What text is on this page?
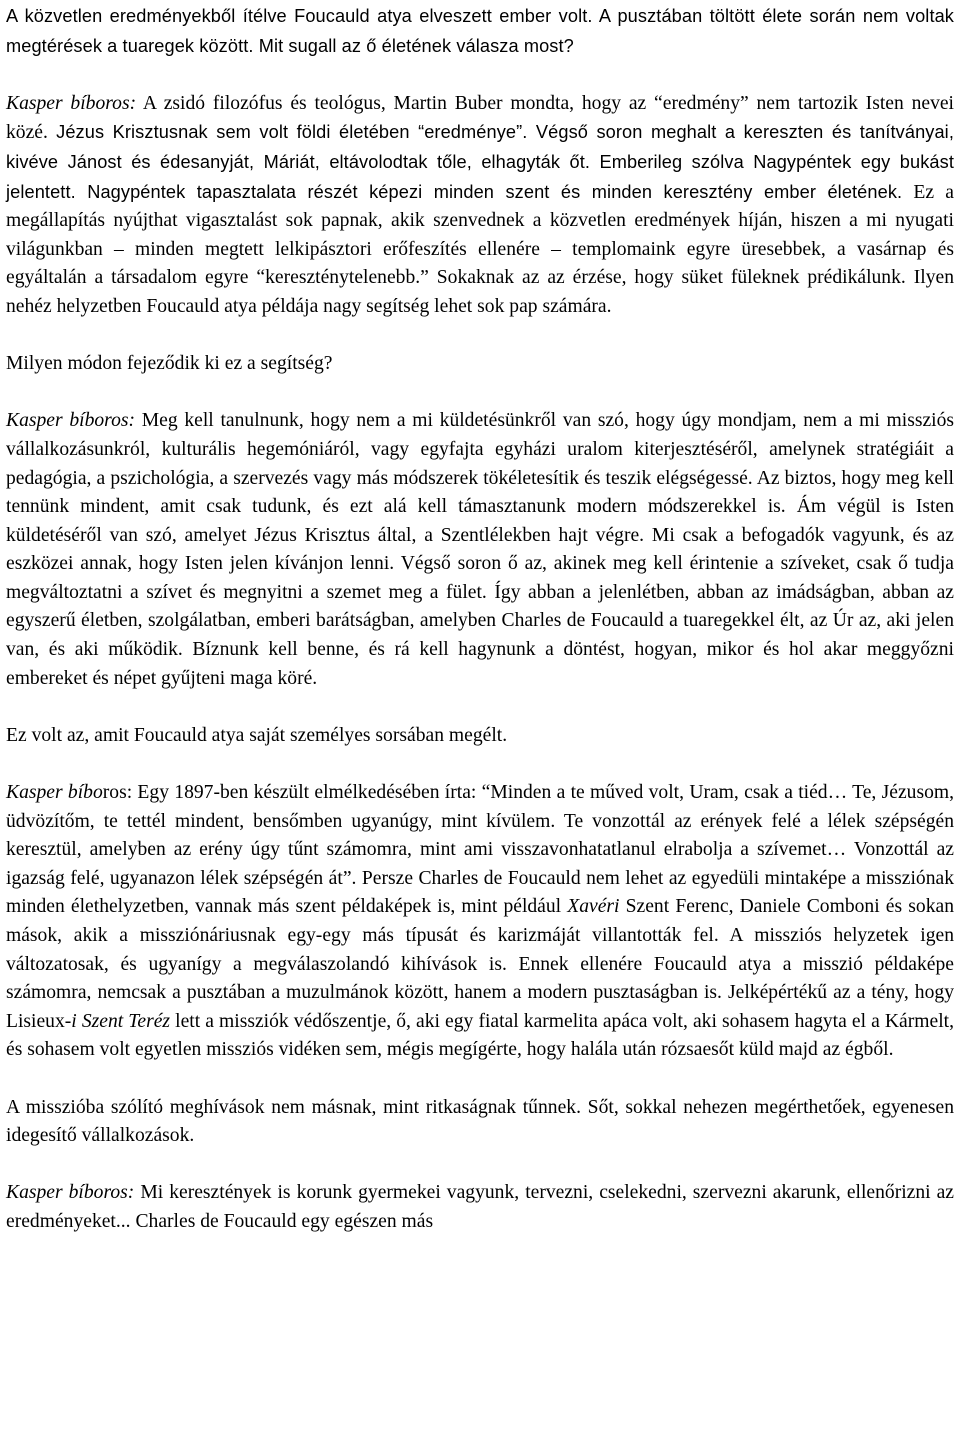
A közvetlen eredményekből ítélve Foucauld atya elveszett ember volt. A pusztában töltött élete során nem voltak megtérések a tuaregek között. Mit sugall az ő életének válasza most?

Kasper bíboros: A zsidó filozófus és teológus, Martin Buber mondta, hogy az “eredmény” nem tartozik Isten nevei közé. Jézus Krisztusnak sem volt földi életében “eredménye”. Végső soron meghalt a kereszten és tanítványai, kivéve Jánost és édesanyját, Máriát, eltávolodtak tőle, elhagyták őt. Emberileg szólva Nagypéntek egy bukást jelentett. Nagypéntek tapasztalata részét képezi minden szent és minden keresztény ember életének. Ez a megállapítás nyújthat vigasztalást sok papnak, akik szenvednek a közvetlen eredmények híján, hiszen a mi nyugati világunkban – minden megtett lelkipásztori erőfeszítés ellenére – templomaink egyre üresebbek, a vasárnap és egyáltalán a társadalom egyre “kereszténytelenebb.” Sokaknak az az érzése, hogy süket füleknek prédikálunk. Ilyen nehéz helyzetben Foucauld atya példája nagy segítség lehet sok pap számára.

Milyen módon fejeződik ki ez a segítség?

Kasper bíboros: Meg kell tanulnunk, hogy nem a mi küldetésünkről van szó, hogy úgy mondjam, nem a mi missziós vállalkozásunkról, kulturális hegemóniáról, vagy egyfajta egyházi uralom kiterjesztéséről, amelynek stratégiáit a pedagógia, a pszichológia, a szervezés vagy más módszerek tökéletesítik és teszik elégségessé. Az biztos, hogy meg kell tennünk mindent, amit csak tudunk, és ezt alá kell támasztanunk modern módszerekkel is. Ám végül is Isten küldetéséről van szó, amelyet Jézus Krisztus által, a Szentlélekben hajt végre. Mi csak a befogadók vagyunk, és az eszközei annak, hogy Isten jelen kívánjon lenni. Végső soron ő az, akinek meg kell érintenie a szíveket, csak ő tudja megváltoztatni a szívet és megnyitni a szemet meg a fület. Így abban a jelenlétben, abban az imádságban, abban az egyszerű életben, szolgálatban, emberi barátságban, amelyben Charles de Foucauld a tuaregekkel élt, az Úr az, aki jelen van, és aki működik. Bíznunk kell benne, és rá kell hagynunk a döntést, hogyan, mikor és hol akar meggyőzni embereket és népet gyűjteni maga köré.

Ez volt az, amit Foucauld atya saját személyes sorsában megélt.

Kasper bíboros: Egy 1897-ben készült elmélkedésében írta: “Minden a te műved volt, Uram, csak a tiéd… Te, Jézusom, üdvözítőm, te tettél mindent, bensőmben ugyanúgy, mint kívülem. Te vonzottál az erények felé a lélek szépségén keresztül, amelyben az erény úgy tűnt számomra, mint ami visszavonhatatlanul elrabolja a szívemet… Vonzottál az igazság felé, ugyanazon lélek szépségén át”. Persze Charles de Foucauld nem lehet az egyedüli mintaképe a missziónak minden élethelyzetben, vannak más szent példaképek is, mint például Xavéri Szent Ferenc, Daniele Comboni és sokan mások, akik a missziónáriusnak egy-egy más típusát és karizmáját villantották fel. A missziós helyzetek igen változatosak, és ugyanígy a megválaszolandó kihívások is. Ennek ellenére Foucauld atya a misszió példaképe számomra, nemcsak a pusztában a muzulmánok között, hanem a modern pusztaságban is. Jelképértékű az a tény, hogy Lisieux-i Szent Teréz lett a missziók védőszentje, ő, aki egy fiatal karmelita apáca volt, aki sohasem hagyta el a Kármelt, és sohasem volt egyetlen missziós vidéken sem, mégis megígérte, hogy halála után rózsaesőt küld majd az égből.

A misszióba szólító meghívások nem másnak, mint ritkaságnak tűnnek. Sőt, sokkal nehezen megérthetőek, egyenesen idegesítő vállalkozások.

Kasper bíboros: Mi keresztények is korunk gyermekei vagyunk, tervezni, cselekedni, szervezni akarunk, ellenőrizni az eredményeket... Charles de Foucauld egy egészen más
